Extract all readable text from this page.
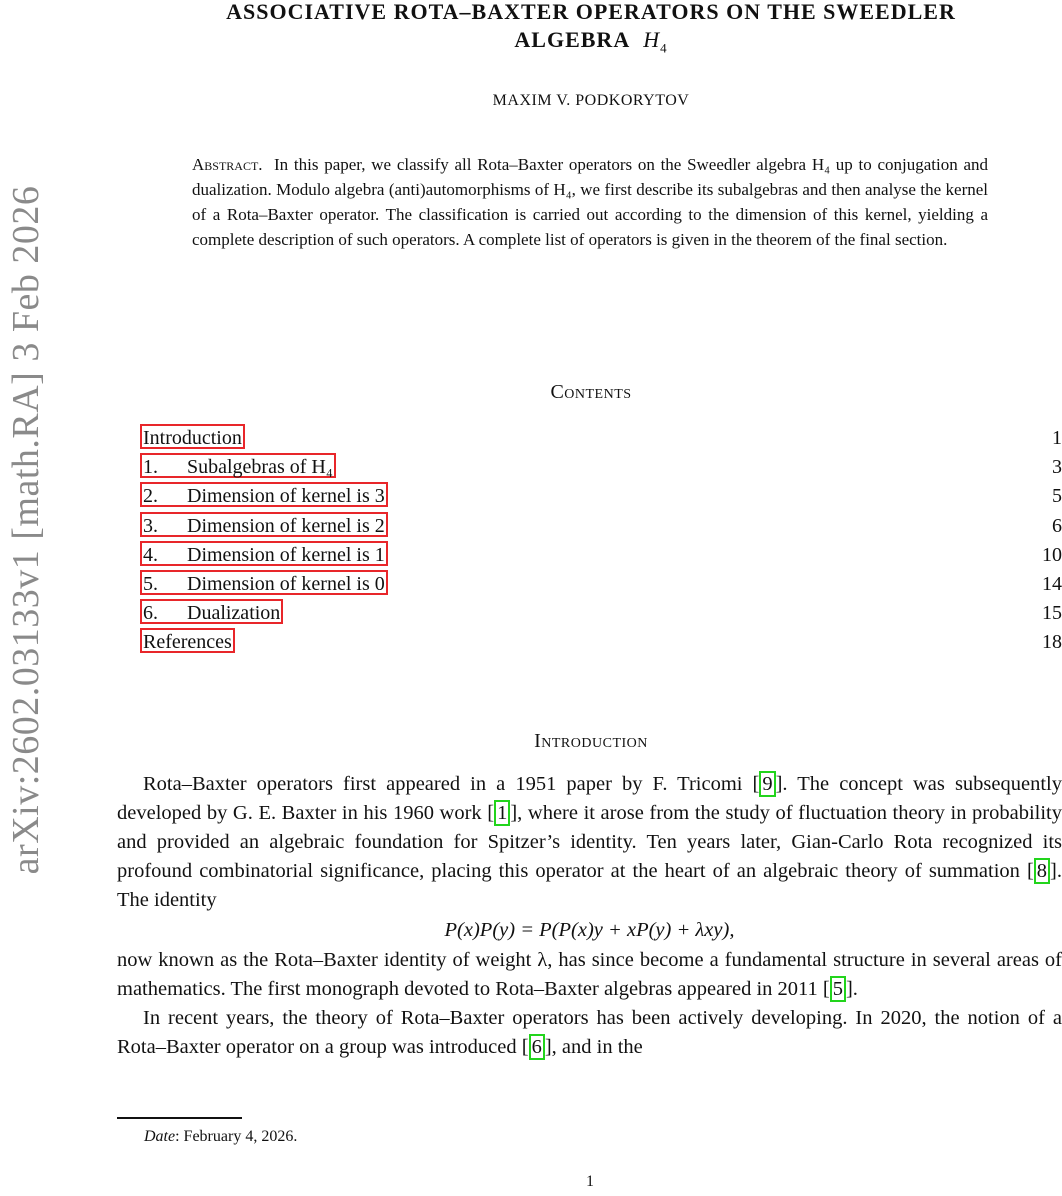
arXiv:2602.03133v1 [math.RA] 3 Feb 2026
ASSOCIATIVE ROTA–BAXTER OPERATORS ON THE SWEEDLER
ALGEBRA $H_4$
MAXIM V. PODKORYTOV
Abstract. In this paper, we classify all Rota–Baxter operators on the Sweedler algebra H₄ up to conjugation and dualization. Modulo algebra (anti)automorphisms of H₄, we first describe its subalgebras and then analyse the kernel of a Rota–Baxter operator. The classification is carried out according to the dimension of this kernel, yielding a complete description of such operators. A complete list of operators is given in the theorem of the final section.
Contents
Introduction	1
1. Subalgebras of H₄	3
2. Dimension of kernel is 3	5
3. Dimension of kernel is 2	6
4. Dimension of kernel is 1	10
5. Dimension of kernel is 0	14
6. Dualization	15
References	18
Introduction

Rota–Baxter operators first appeared in a 1951 paper by F. Tricomi [ 9 ]. The concept was subsequently developed by G. E. Baxter in his 1960 work [ 1 ], where it arose from the study of fluctuation theory in probability and provided an algebraic foundation for Spitzer’s identity. Ten years later, Gian-Carlo Rota recognized its profound combinatorial significance, placing this operator at the heart of an algebraic theory of summation [ 8 ]. The identity

P(x)P(y) = P(P(x)y + xP(y) + λxy),

now known as the Rota–Baxter identity of weight λ, has since become a fundamental structure in several areas of mathematics. The first monograph devoted to Rota–Baxter algebras appeared in 2011 [ 5 ].

In recent years, the theory of Rota–Baxter operators has been actively developing. In 2020, the notion of a Rota–Baxter operator on a group was introduced [ 6 ], and in the

Date: February 4, 2026.
1
